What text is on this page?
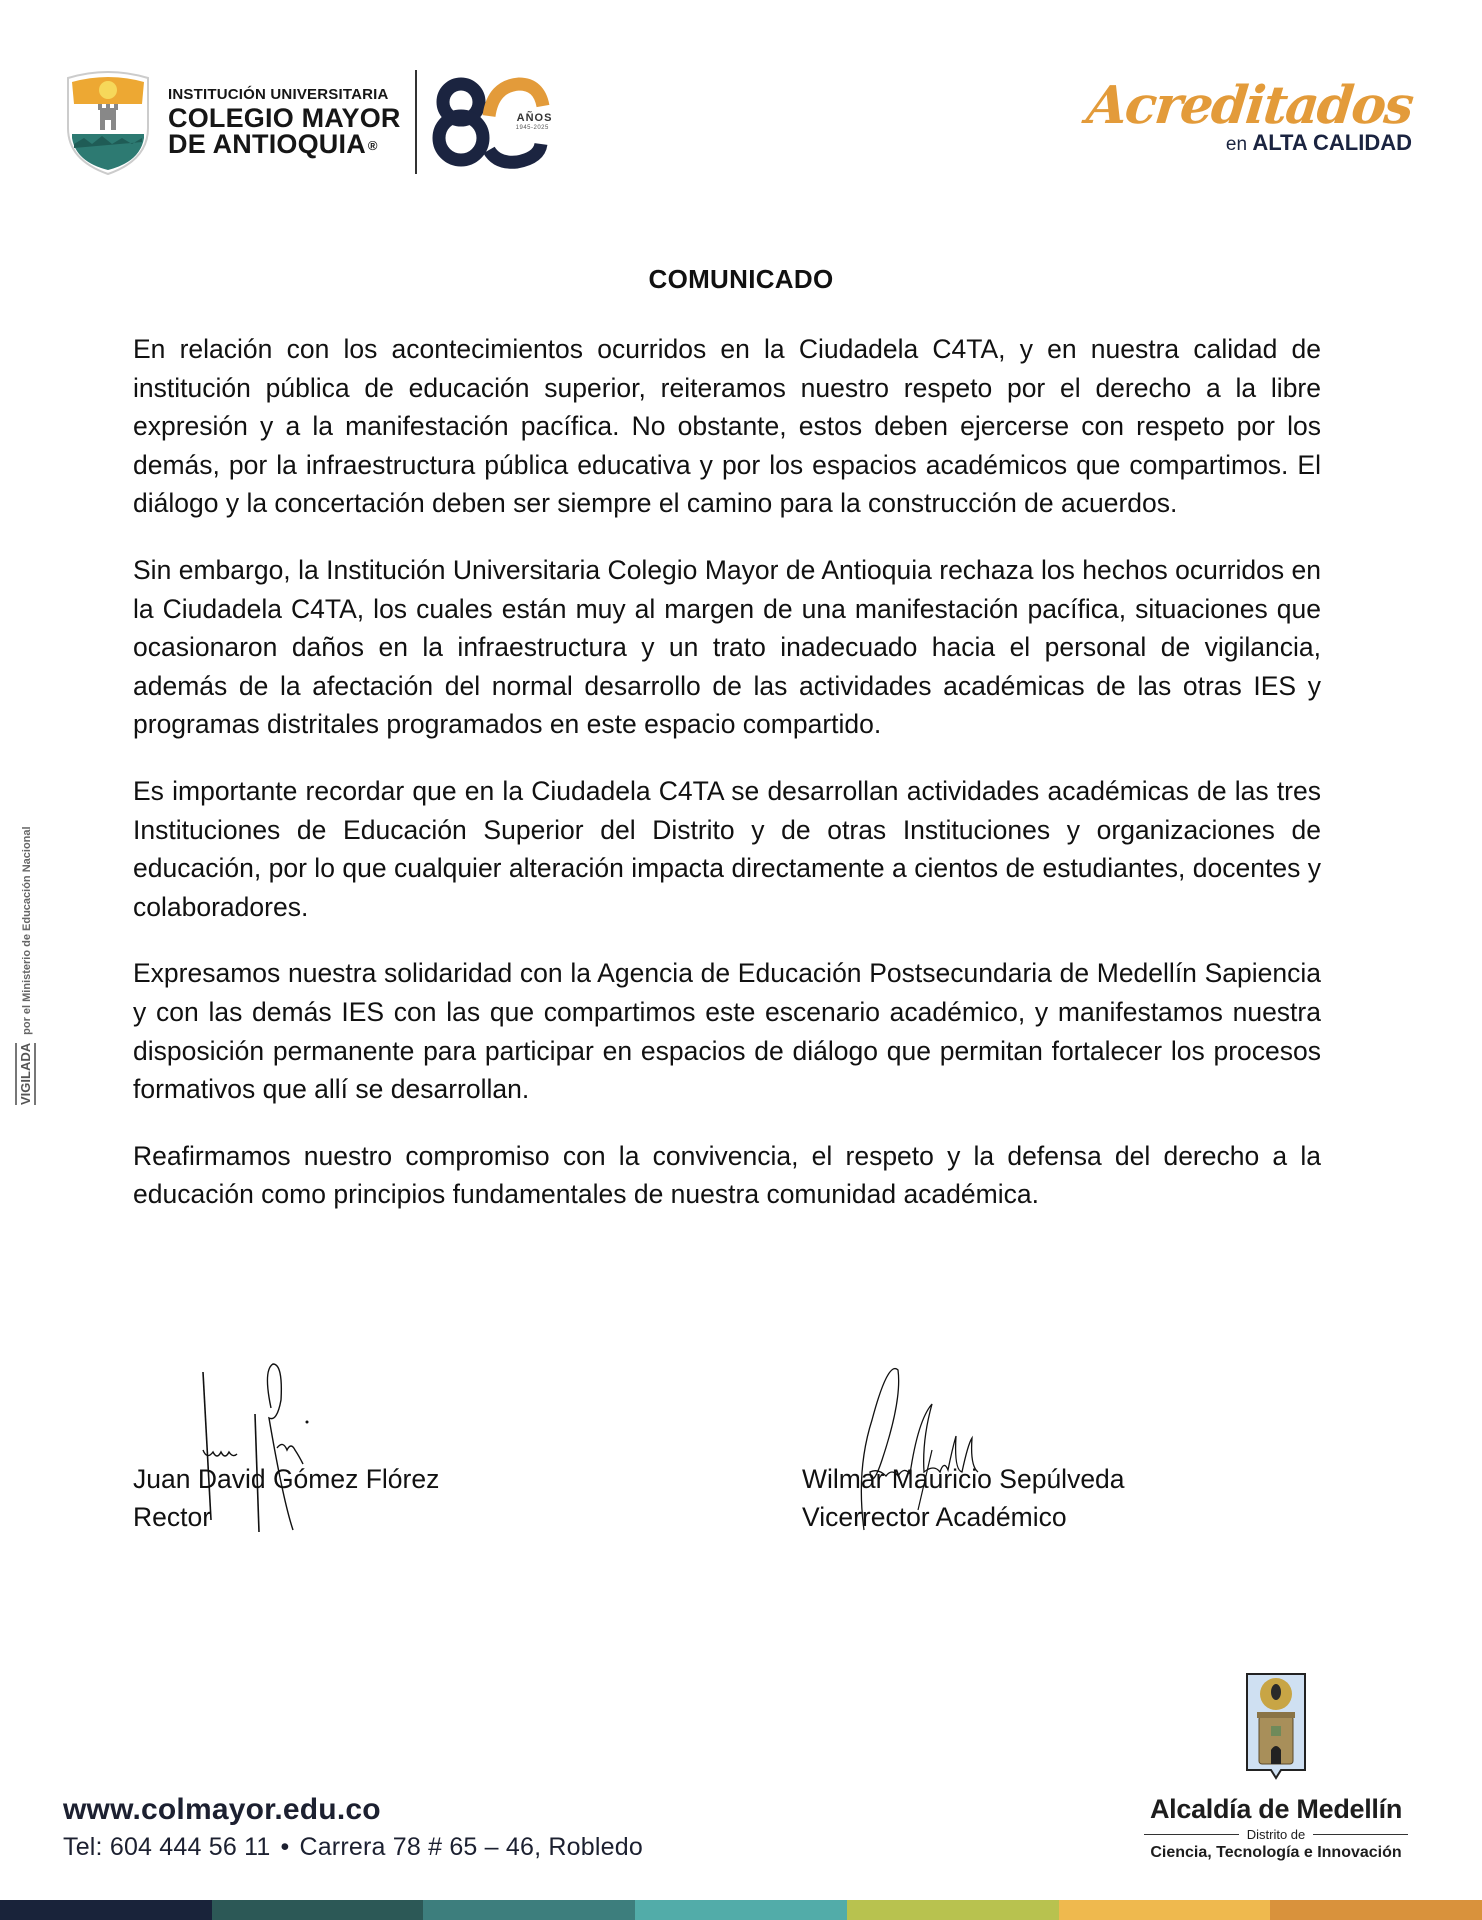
INSTITUCIÓN UNIVERSITARIA
COLEGIO MAYOR
DE ANTIOQUIA ®
AÑOS
1945-2025	Acreditados
en ALTA CALIDAD
VIGILADApor el Ministerio de Educación Nacional
COMUNICADO

En relación con los acontecimientos ocurridos en la Ciudadela C4TA, y en nuestra calidad de institución pública de educación superior, reiteramos nuestro respeto por el derecho a la libre expresión y a la manifestación pacífica. No obstante, estos deben ejercerse con respeto por los demás, por la infraestructura pública educativa y por los espacios académicos que compartimos. El diálogo y la concertación deben ser siempre el camino para la construcción de acuerdos.

Sin embargo, la Institución Universitaria Colegio Mayor de Antioquia rechaza los hechos ocurridos en la Ciudadela C4TA, los cuales están muy al margen de una manifestación pacífica, situaciones que ocasionaron daños en la infraestructura y un trato inadecuado hacia el personal de vigilancia, además de la afectación del normal desarrollo de las actividades académicas de las otras IES y programas distritales programados en este espacio compartido.

Es importante recordar que en la Ciudadela C4TA se desarrollan actividades académicas de las tres Instituciones de Educación Superior del Distrito y de otras Instituciones y organizaciones de educación, por lo que cualquier alteración impacta directamente a cientos de estudiantes, docentes y colaboradores.

Expresamos nuestra solidaridad con la Agencia de Educación Postsecundaria de Medellín Sapiencia y con las demás IES con las que compartimos este escenario académico, y manifestamos nuestra disposición permanente para participar en espacios de diálogo que permitan fortalecer los procesos formativos que allí se desarrollan.

Reafirmamos nuestro compromiso con la convivencia, el respeto y la defensa del derecho a la educación como principios fundamentales de nuestra comunidad académica.

Juan David Gómez Flórez
Rector
Wilmar Mauricio Sepúlveda
Vicerrector Académico
www.colmayor.edu.co
Tel: 604 444 56 11 • Carrera 78 # 65 – 46, Robledo
Alcaldía de Medellín
Distrito de
Ciencia, Tecnología e Innovación
